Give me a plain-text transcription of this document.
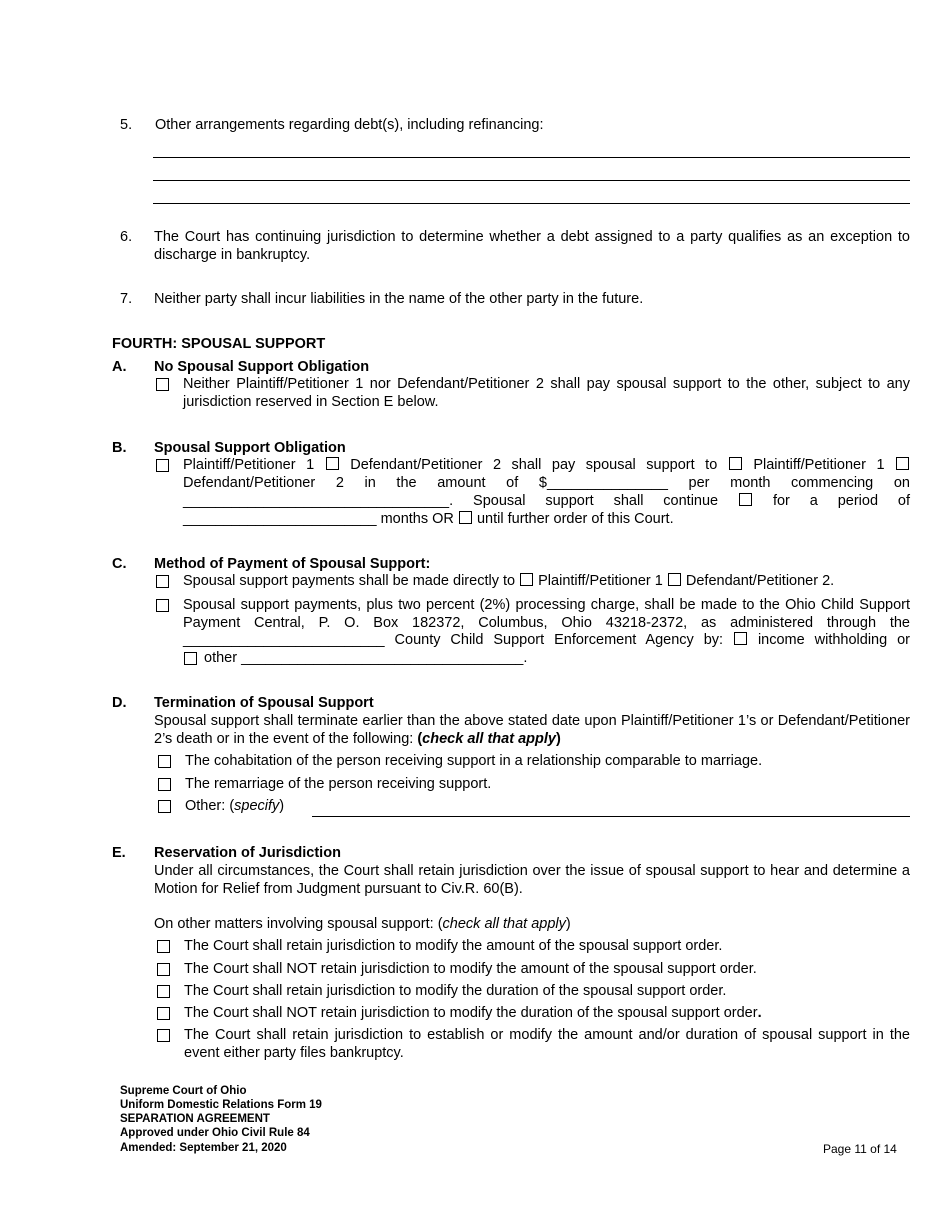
5. Other arrangements regarding debt(s), including refinancing:
6. The Court has continuing jurisdiction to determine whether a debt assigned to a party qualifies as an exception to discharge in bankruptcy.
7. Neither party shall incur liabilities in the name of the other party in the future.
FOURTH: SPOUSAL SUPPORT
A. No Spousal Support Obligation
Neither Plaintiff/Petitioner 1 nor Defendant/Petitioner 2 shall pay spousal support to the other, subject to any jurisdiction reserved in Section E below.
B. Spousal Support Obligation
Plaintiff/Petitioner 1 Defendant/Petitioner 2 shall pay spousal support to Plaintiff/Petitioner 1
Defendant/Petitioner 2 in the amount of $_______________ per month commencing on
_________________________________. Spousal support shall continue	for a period of
________________________ months OR until further order of this Court.
C. Method of Payment of Spousal Support:
Spousal support payments shall be made directly to Plaintiff/Petitioner 1 Defendant/Petitioner 2.
Spousal support payments, plus two percent (2%) processing charge, shall be made to the Ohio Child Support Payment Central, P. O. Box 182372, Columbus, Ohio 43218-2372, as administered through the
_________________________ County Child Support Enforcement Agency by: income withholding or
other ___________________________________.
D. Termination of Spousal Support
Spousal support shall terminate earlier than the above stated date upon Plaintiff/Petitioner 1’s or Defendant/Petitioner 2’s death or in the event of the following: (check all that apply)
The cohabitation of the person receiving support in a relationship comparable to marriage.
The remarriage of the person receiving support.
Other: (specify)
E. Reservation of Jurisdiction
Under all circumstances, the Court shall retain jurisdiction over the issue of spousal support to hear and determine a Motion for Relief from Judgment pursuant to Civ.R. 60(B).
On other matters involving spousal support: (check all that apply)
The Court shall retain jurisdiction to modify the amount of the spousal support order.
The Court shall NOT retain jurisdiction to modify the amount of the spousal support order.
The Court shall retain jurisdiction to modify the duration of the spousal support order.
The Court shall NOT retain jurisdiction to modify the duration of the spousal support order.
The Court shall retain jurisdiction to establish or modify the amount and/or duration of spousal support in the event either party files bankruptcy.
Supreme Court of Ohio
Uniform Domestic Relations Form 19
SEPARATION AGREEMENT
Approved under Ohio Civil Rule 84
Amended: September 21, 2020	Page 11 of 14
